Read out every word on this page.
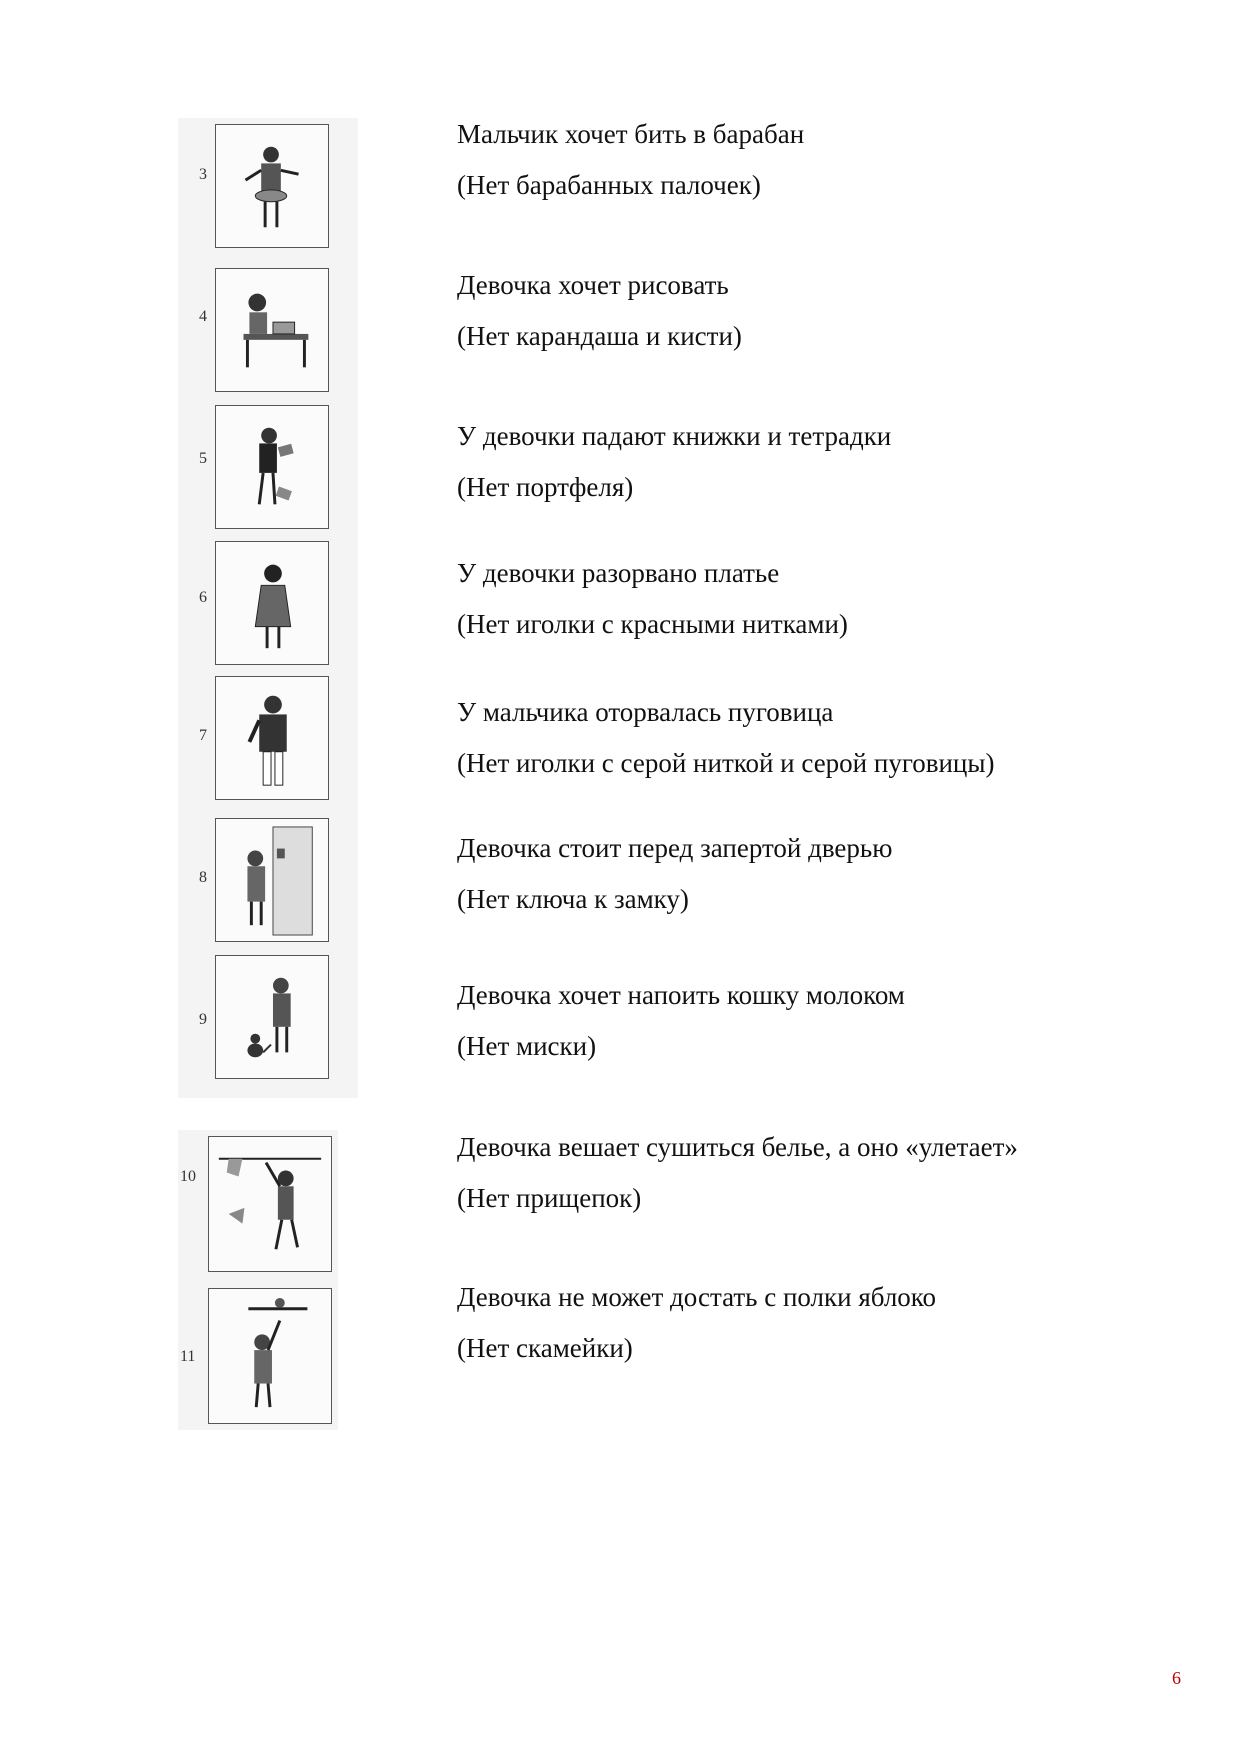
3
Мальчик хочет бить в барабан
(Нет барабанных палочек)
4
Девочка хочет рисовать
(Нет карандаша и кисти)
5
У девочки падают книжки и тетрадки
(Нет портфеля)
6
У девочки разорвано платье
(Нет иголки с красными нитками)
7
У мальчика оторвалась пуговица
(Нет иголки с серой ниткой и серой пуговицы)
8
Девочка стоит перед запертой дверью
(Нет ключа к замку)
9
Девочка хочет напоить кошку молоком
(Нет миски)
10
Девочка вешает сушиться белье, а оно «улетает»
(Нет прищепок)
11
Девочка не может достать с полки яблоко
(Нет скамейки)
6
